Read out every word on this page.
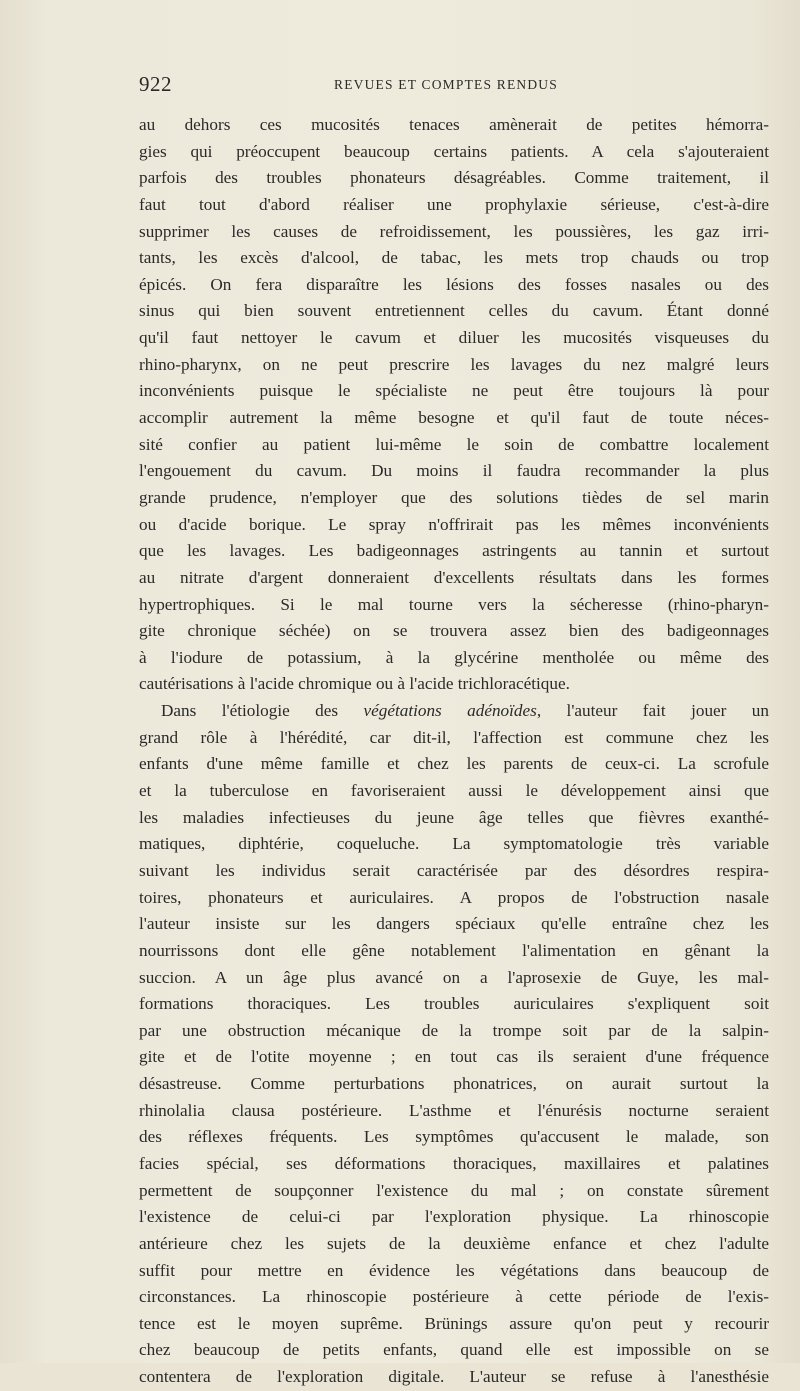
922	REVUES ET COMPTES RENDUS
au dehors ces mucosités tenaces amènerait de petites hémorra-
gies qui préoccupent beaucoup certains patients. A cela s'ajouteraient
parfois des troubles phonateurs désagréables. Comme traitement, il
faut tout d'abord réaliser une prophylaxie sérieuse, c'est-à-dire
supprimer les causes de refroidissement, les poussières, les gaz irri-
tants, les excès d'alcool, de tabac, les mets trop chauds ou trop
épicés. On fera disparaître les lésions des fosses nasales ou des
sinus qui bien souvent entretiennent celles du cavum. Étant donné
qu'il faut nettoyer le cavum et diluer les mucosités visqueuses du
rhino-pharynx, on ne peut prescrire les lavages du nez malgré leurs
inconvénients puisque le spécialiste ne peut être toujours là pour
accomplir autrement la même besogne et qu'il faut de toute néces-
sité confier au patient lui-même le soin de combattre localement
l'engouement du cavum. Du moins il faudra recommander la plus
grande prudence, n'employer que des solutions tièdes de sel marin
ou d'acide borique. Le spray n'offrirait pas les mêmes inconvénients
que les lavages. Les badigeonnages astringents au tannin et surtout
au nitrate d'argent donneraient d'excellents résultats dans les formes
hypertrophiques. Si le mal tourne vers la sécheresse (rhino-pharyn-
gite chronique séchée) on se trouvera assez bien des badigeonnages
à l'iodure de potassium, à la glycérine mentholée ou même des
cautérisations à l'acide chromique ou à l'acide trichloracétique.
Dans l'étiologie des végétations adénoïdes, l'auteur fait jouer un
grand rôle à l'hérédité, car dit-il, l'affection est commune chez les
enfants d'une même famille et chez les parents de ceux-ci. La scrofule
et la tuberculose en favoriseraient aussi le développement ainsi que
les maladies infectieuses du jeune âge telles que fièvres exanthé-
matiques, diphtérie, coqueluche. La symptomatologie très variable
suivant les individus serait caractérisée par des désordres respira-
toires, phonateurs et auriculaires. A propos de l'obstruction nasale
l'auteur insiste sur les dangers spéciaux qu'elle entraîne chez les
nourrissons dont elle gêne notablement l'alimentation en gênant la
succion. A un âge plus avancé on a l'aprosexie de Guye, les mal-
formations thoraciques. Les troubles auriculaires s'expliquent soit
par une obstruction mécanique de la trompe soit par de la salpin-
gite et de l'otite moyenne ; en tout cas ils seraient d'une fréquence
désastreuse. Comme perturbations phonatrices, on aurait surtout la
rhinolalia clausa postérieure. L'asthme et l'énurésis nocturne seraient
des réflexes fréquents. Les symptômes qu'accusent le malade, son
facies spécial, ses déformations thoraciques, maxillaires et palatines
permettent de soupçonner l'existence du mal ; on constate sûrement
l'existence de celui-ci par l'exploration physique. La rhinoscopie
antérieure chez les sujets de la deuxième enfance et chez l'adulte
suffit pour mettre en évidence les végétations dans beaucoup de
circonstances. La rhinoscopie postérieure à cette période de l'exis-
tence est le moyen suprême. Brünings assure qu'on peut y recourir
chez beaucoup de petits enfants, quand elle est impossible on se
contentera de l'exploration digitale. L'auteur se refuse à l'anesthésie
